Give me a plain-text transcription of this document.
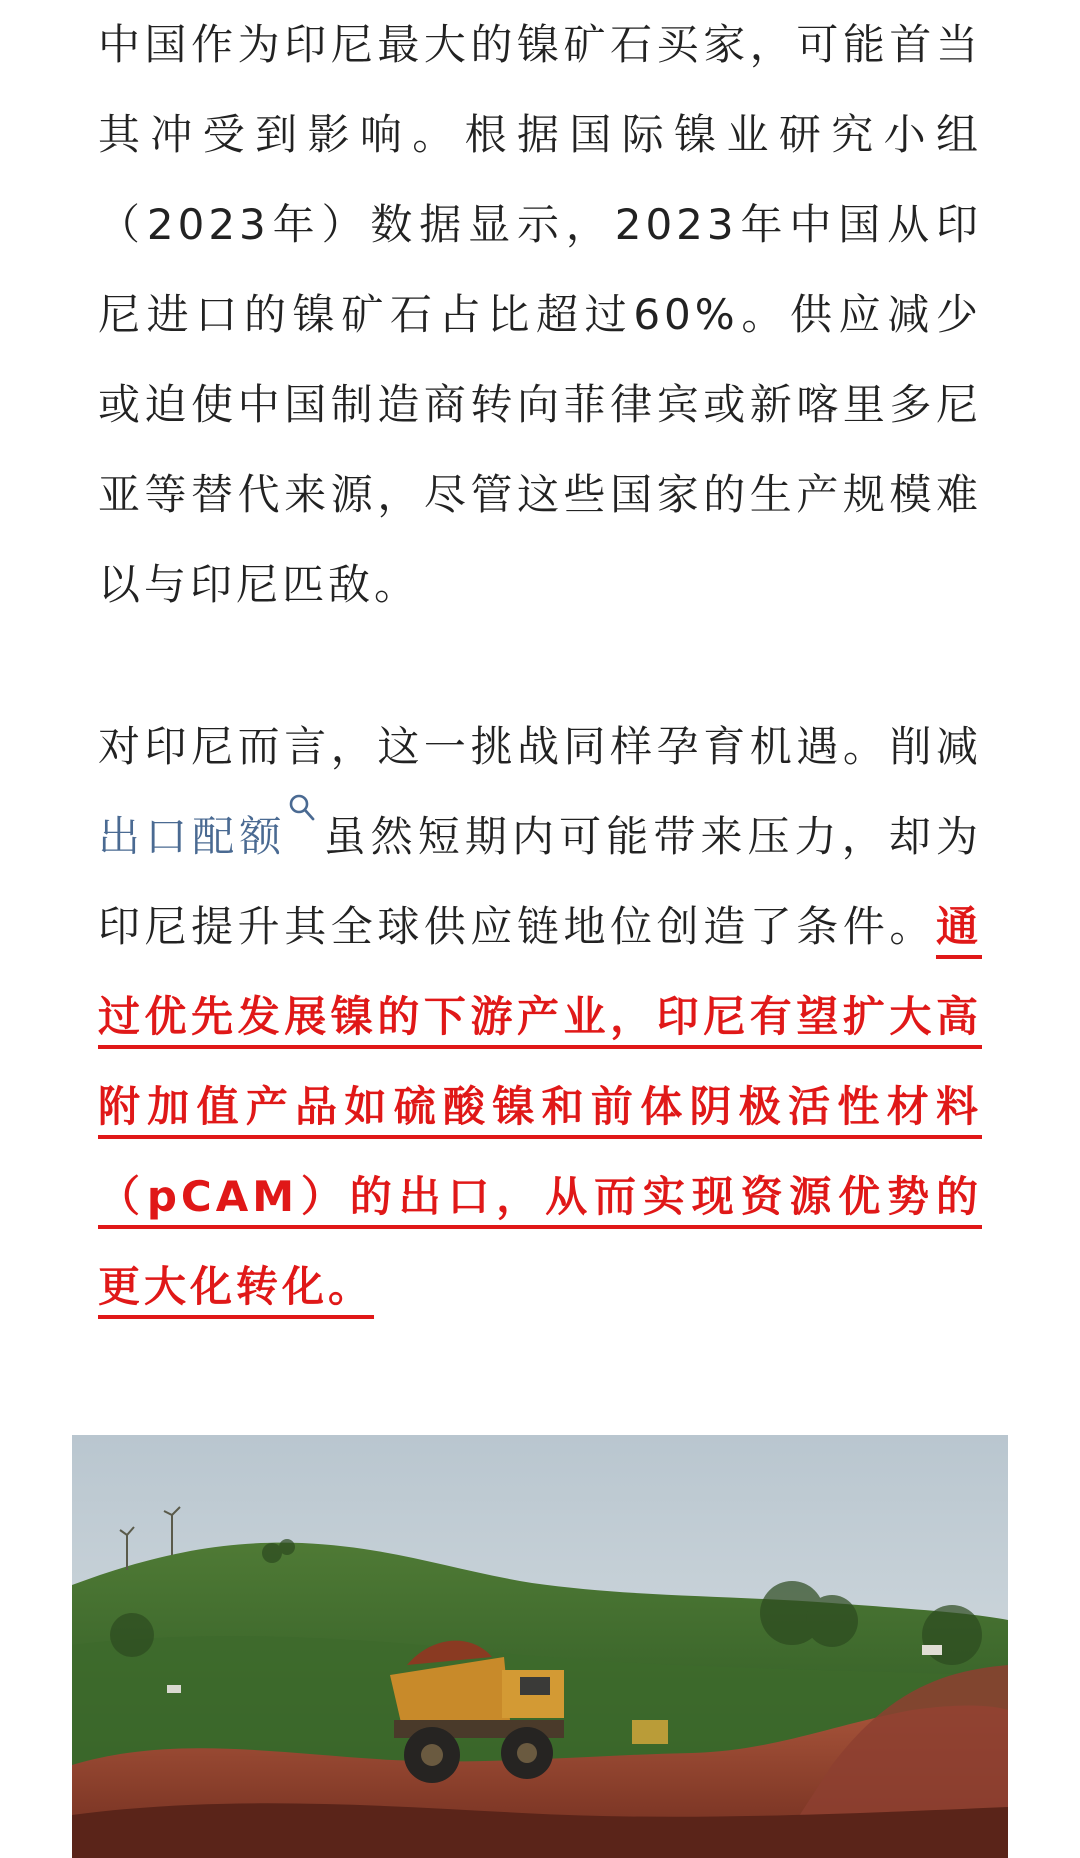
中国作为印尼最大的镍矿石买家，可能首当其冲受到影响。根据国际镍业研究小组（2023年）数据显示，2023年中国从印尼进口的镍矿石占比超过60%。供应减少或迫使中国制造商转向菲律宾或新喀里多尼亚等替代来源，尽管这些国家的生产规模难以与印尼匹敌。

对印尼而言，这一挑战同样孕育机遇。削减出口配额 虽然短期内可能带来压力，却为印尼提升其全球供应链地位创造了条件。通过优先发展镍的下游产业，印尼有望扩大高附加值产品如硫酸镍和前体阴极活性材料（pCAM）的出口，从而实现资源优势的更大化转化。
